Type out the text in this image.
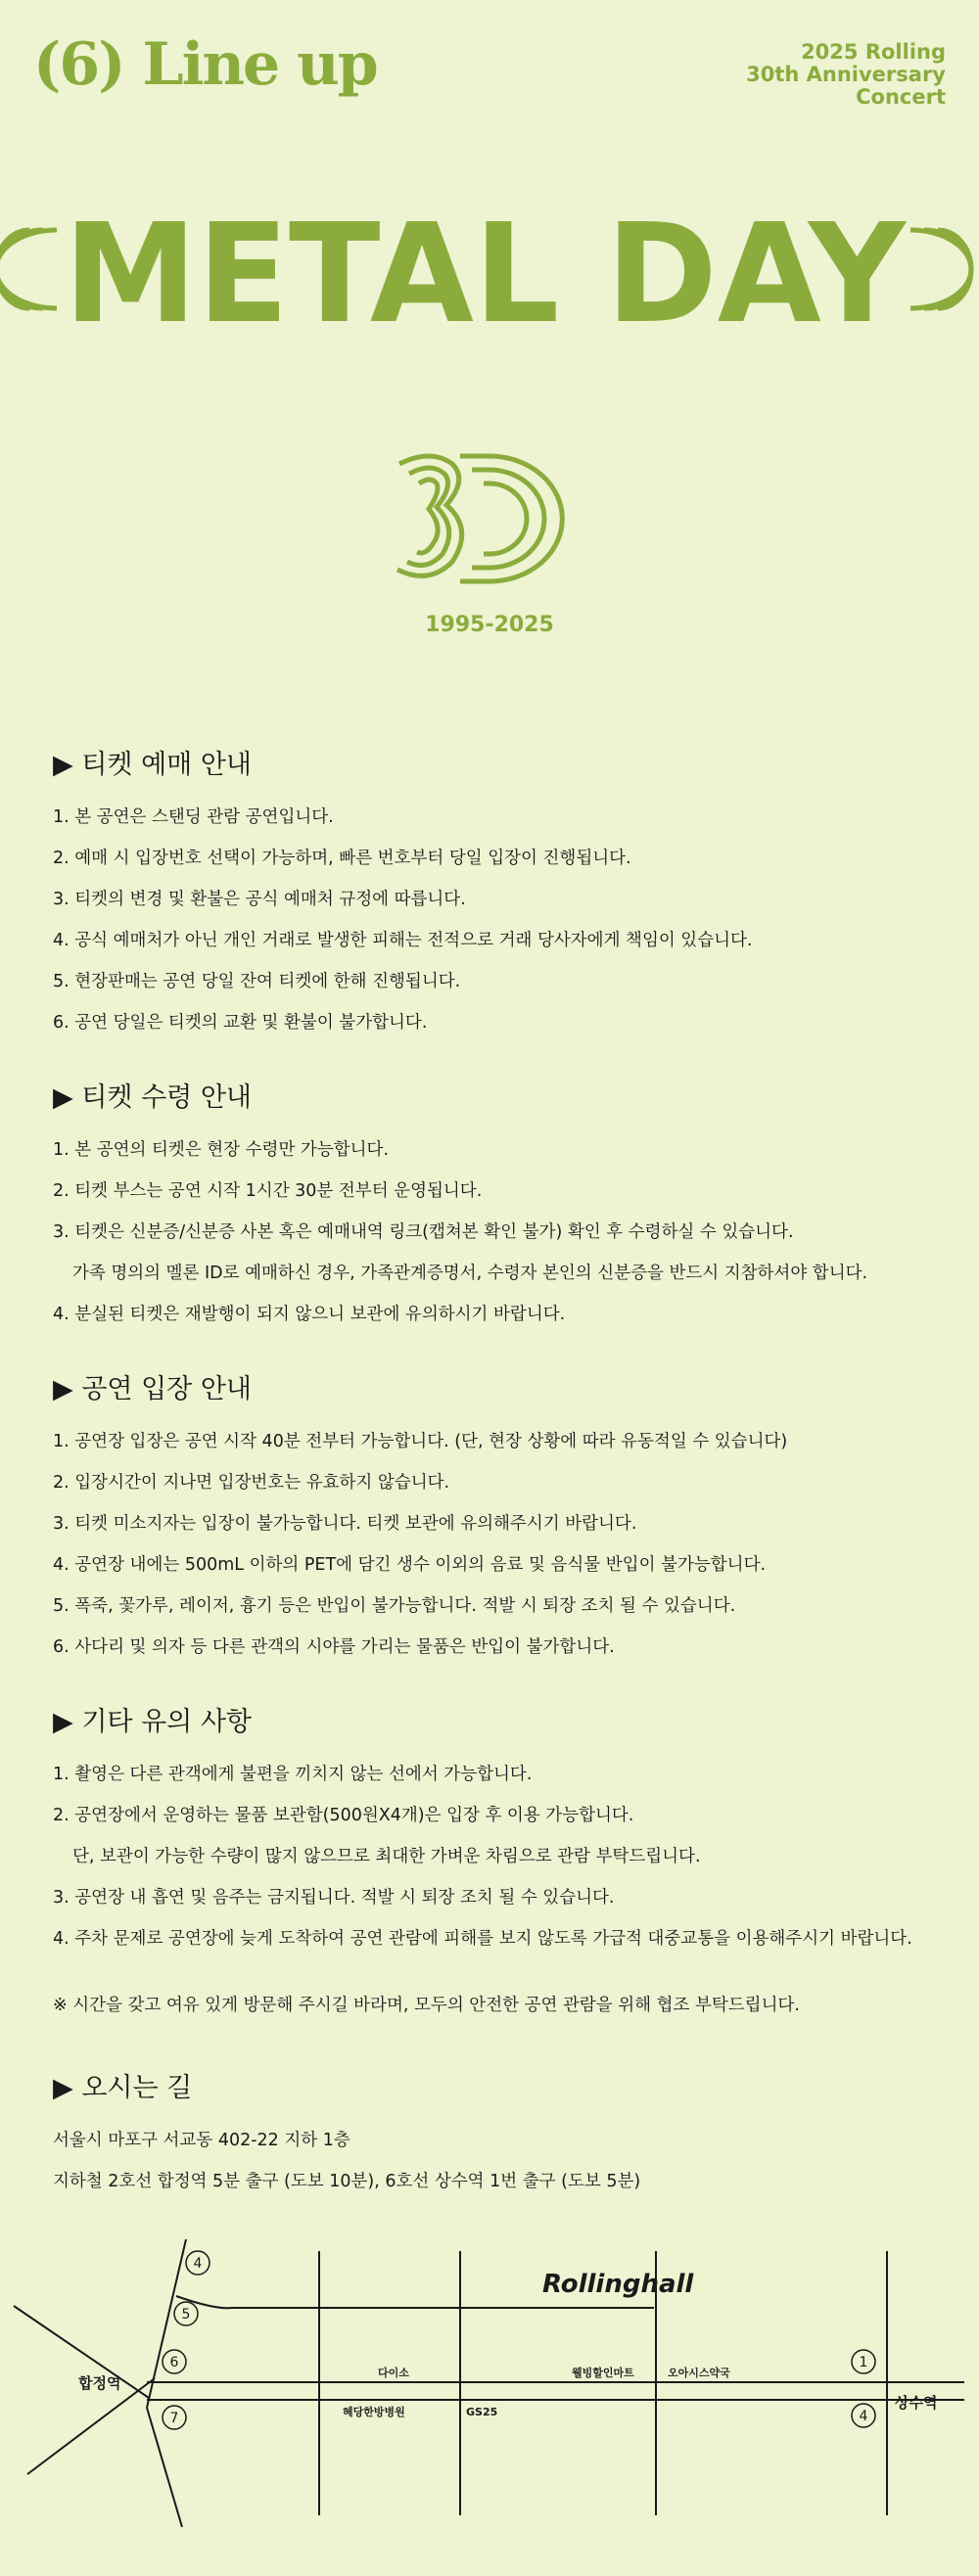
(6) Line up	2025 Rolling
30th Anniversary
Concert
METAL DAY
1995-2025
▶ 티켓 예매 안내
1. 본 공연은 스탠딩 관람 공연입니다.
2. 예매 시 입장번호 선택이 가능하며, 빠른 번호부터 당일 입장이 진행됩니다.
3. 티켓의 변경 및 환불은 공식 예매처 규정에 따릅니다.
4. 공식 예매처가 아닌 개인 거래로 발생한 피해는 전적으로 거래 당사자에게 책임이 있습니다.
5. 현장판매는 공연 당일 잔여 티켓에 한해 진행됩니다.
6. 공연 당일은 티켓의 교환 및 환불이 불가합니다.
▶ 티켓 수령 안내
1. 본 공연의 티켓은 현장 수령만 가능합니다.
2. 티켓 부스는 공연 시작 1시간 30분 전부터 운영됩니다.
3. 티켓은 신분증/신분증 사본 혹은 예매내역 링크(캡쳐본 확인 불가) 확인 후 수령하실 수 있습니다.
가족 명의의 멜론 ID로 예매하신 경우, 가족관계증명서, 수령자 본인의 신분증을 반드시 지참하셔야 합니다.
4. 분실된 티켓은 재발행이 되지 않으니 보관에 유의하시기 바랍니다.
▶ 공연 입장 안내
1. 공연장 입장은 공연 시작 40분 전부터 가능합니다. (단, 현장 상황에 따라 유동적일 수 있습니다)
2. 입장시간이 지나면 입장번호는 유효하지 않습니다.
3. 티켓 미소지자는 입장이 불가능합니다. 티켓 보관에 유의해주시기 바랍니다.
4. 공연장 내에는 500mL 이하의 PET에 담긴 생수 이외의 음료 및 음식물 반입이 불가능합니다.
5. 폭죽, 꽃가루, 레이저, 흉기 등은 반입이 불가능합니다. 적발 시 퇴장 조치 될 수 있습니다.
6. 사다리 및 의자 등 다른 관객의 시야를 가리는 물품은 반입이 불가합니다.
▶ 기타 유의 사항
1. 촬영은 다른 관객에게 불편을 끼치지 않는 선에서 가능합니다.
2. 공연장에서 운영하는 물품 보관함(500원X4개)은 입장 후 이용 가능합니다.
단, 보관이 가능한 수량이 많지 않으므로 최대한 가벼운 차림으로 관람 부탁드립니다.
3. 공연장 내 흡연 및 음주는 금지됩니다. 적발 시 퇴장 조치 될 수 있습니다.
4. 주차 문제로 공연장에 늦게 도착하여 공연 관람에 피해를 보지 않도록 가급적 대중교통을 이용해주시기 바랍니다.
※ 시간을 갖고 여유 있게 방문해 주시길 바라며, 모두의 안전한 공연 관람을 위해 협조 부탁드립니다.
▶ 오시는 길
서울시 마포구 서교동 402-22 지하 1층
지하철 2호선 합정역 5분 출구 (도보 10분), 6호선 상수역 1번 출구 (도보 5분)
4
5
6
7
1
4
합정역
상수역
Rollinghall
다이소
혜당한방병원	GS25
웰빙할인마트	오아시스약국
